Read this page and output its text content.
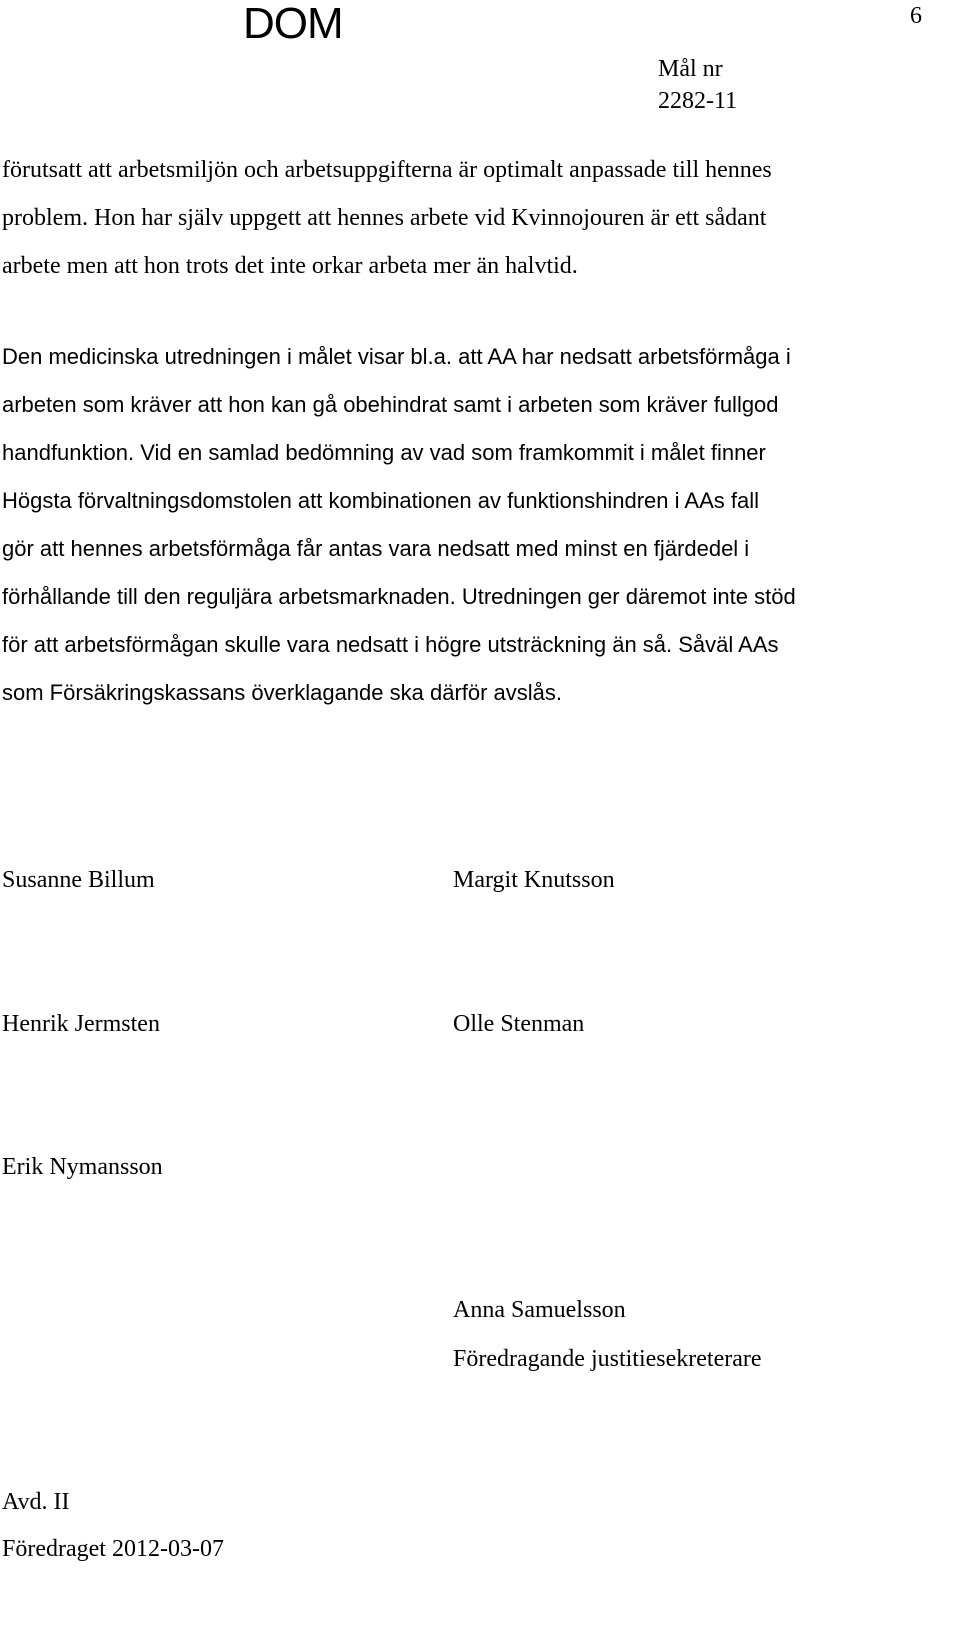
DOM	6
Mål nr
2282-11
förutsatt att arbetsmiljön och arbetsuppgifterna är optimalt anpassade till hennes
problem. Hon har själv uppgett att hennes arbete vid Kvinnojouren är ett sådant
arbete men att hon trots det inte orkar arbeta mer än halvtid.
Den medicinska utredningen i målet visar bl.a. att AA har nedsatt arbetsförmåga i
arbeten som kräver att hon kan gå obehindrat samt i arbeten som kräver fullgod
handfunktion. Vid en samlad bedömning av vad som framkommit i målet finner
Högsta förvaltningsdomstolen att kombinationen av funktionshindren i AAs fall
gör att hennes arbetsförmåga får antas vara nedsatt med minst en fjärdedel i
förhållande till den reguljära arbetsmarknaden. Utredningen ger däremot inte stöd
för att arbetsförmågan skulle vara nedsatt i högre utsträckning än så. Såväl AAs
som Försäkringskassans överklagande ska därför avslås.
Susanne Billum	Margit Knutsson
Henrik Jermsten	Olle Stenman
Erik Nymansson
Anna Samuelsson
Föredragande justitiesekreterare
Avd. II
Föredraget 2012-03-07
